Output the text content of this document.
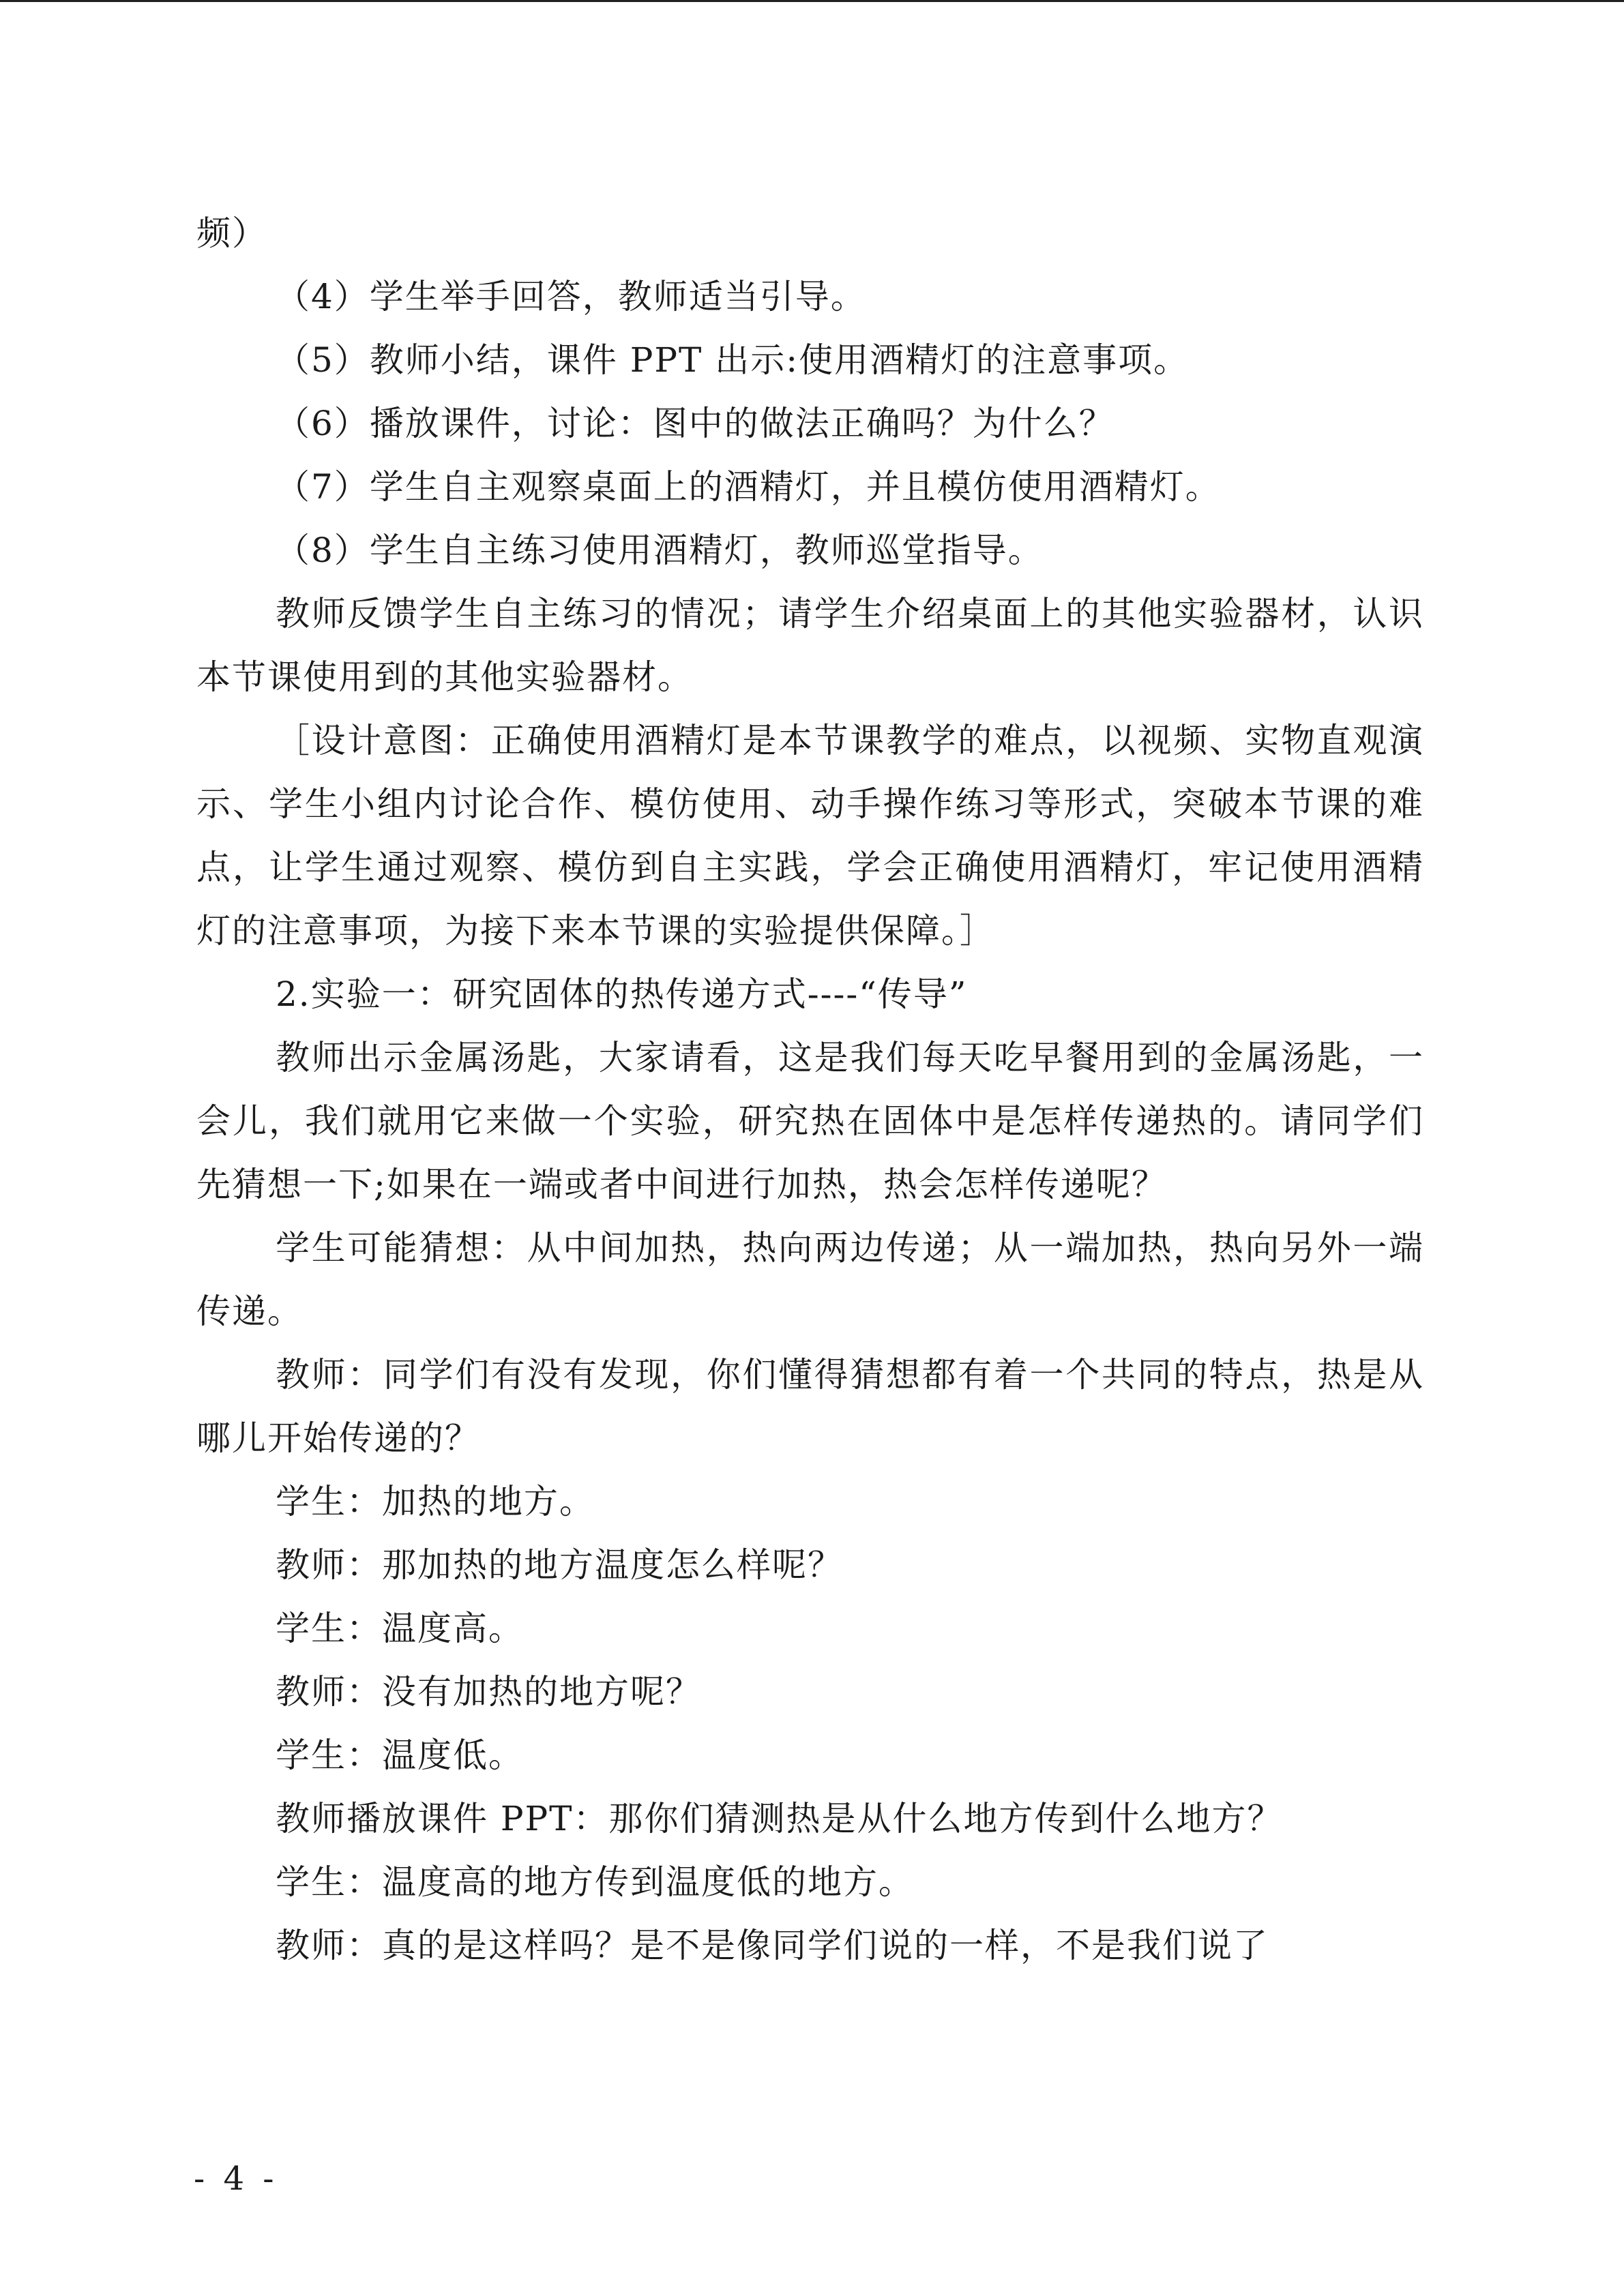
频）

（4）学生举手回答，教师适当引导。

（5）教师小结，课件 PPT 出示:使用酒精灯的注意事项。

（6）播放课件，讨论：图中的做法正确吗？为什么？

（7）学生自主观察桌面上的酒精灯，并且模仿使用酒精灯。

（8）学生自主练习使用酒精灯，教师巡堂指导。

教师反馈学生自主练习的情况；请学生介绍桌面上的其他实验器材，认识本节课使用到的其他实验器材。

［设计意图：正确使用酒精灯是本节课教学的难点，以视频、实物直观演示、学生小组内讨论合作、模仿使用、动手操作练习等形式，突破本节课的难点，让学生通过观察、模仿到自主实践，学会正确使用酒精灯，牢记使用酒精灯的注意事项，为接下来本节课的实验提供保障。］

2.实验一：研究固体的热传递方式----“传导”

教师出示金属汤匙，大家请看，这是我们每天吃早餐用到的金属汤匙，一会儿，我们就用它来做一个实验，研究热在固体中是怎样传递热的。请同学们先猜想一下;如果在一端或者中间进行加热，热会怎样传递呢？

学生可能猜想：从中间加热，热向两边传递；从一端加热，热向另外一端传递。

教师：同学们有没有发现，你们懂得猜想都有着一个共同的特点，热是从哪儿开始传递的？

学生：加热的地方。

教师：那加热的地方温度怎么样呢？

学生：温度高。

教师：没有加热的地方呢？

学生：温度低。

教师播放课件 PPT：那你们猜测热是从什么地方传到什么地方？

学生：温度高的地方传到温度低的地方。

教师：真的是这样吗？是不是像同学们说的一样，不是我们说了

- 4 -
